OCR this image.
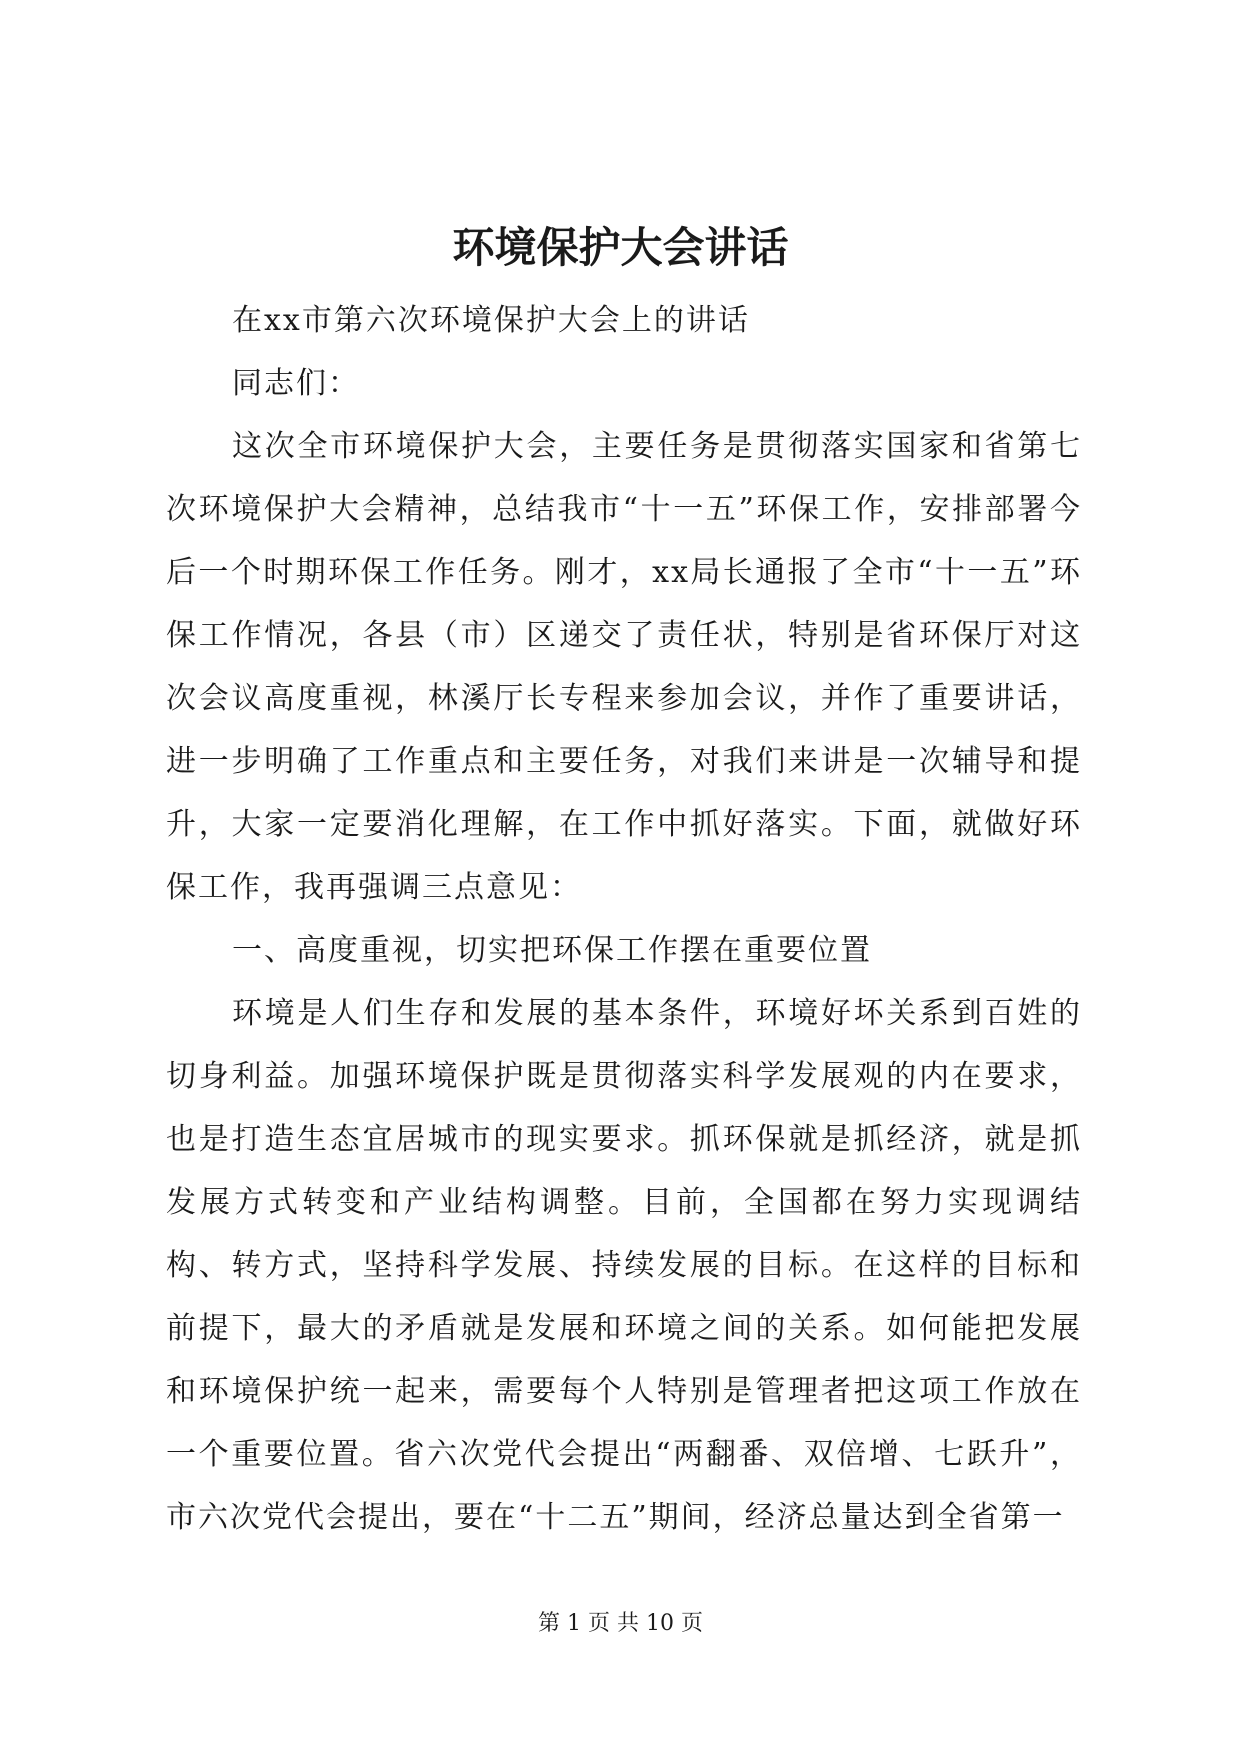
环境保护大会讲话

在xx市第六次环境保护大会上的讲话

同志们：

这次全市环境保护大会，主要任务是贯彻落实国家和省第七次环境保护大会精神，总结我市“十一五”环保工作，安排部署今后一个时期环保工作任务。刚才，xx局长通报了全市“十一五”环保工作情况，各县（市）区递交了责任状，特别是省环保厅对这次会议高度重视，林溪厅长专程来参加会议，并作了重要讲话，进一步明确了工作重点和主要任务，对我们来讲是一次辅导和提升，大家一定要消化理解，在工作中抓好落实。下面，就做好环保工作，我再强调三点意见：

一、高度重视，切实把环保工作摆在重要位置

环境是人们生存和发展的基本条件，环境好坏关系到百姓的切身利益。加强环境保护既是贯彻落实科学发展观的内在要求，也是打造生态宜居城市的现实要求。抓环保就是抓经济，就是抓发展方式转变和产业结构调整。目前，全国都在努力实现调结构、转方式，坚持科学发展、持续发展的目标。在这样的目标和前提下，最大的矛盾就是发展和环境之间的关系。如何能把发展和环境保护统一起来，需要每个人特别是管理者把这项工作放在一个重要位置。省六次党代会提出“两翻番、双倍增、七跃升”，市六次党代会提出，要在“十二五”期间，经济总量达到全省第一

第 1 页 共 10 页
